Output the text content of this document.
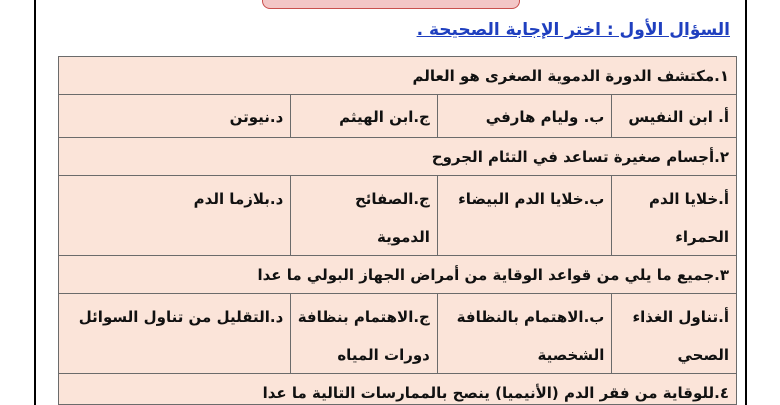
السؤال الأول : اختر الإجابة الصحيحة .
١.مكتشف الدورة الدموية الصغرى هو العالم
أ. ابن النفيس
ب. وليام هارفي
ج.ابن الهيثم
د.نيوتن
٢.أجسام صغيرة تساعد في التئام الجروح
أ.خلايا الدم الحمراء
ب.خلايا الدم البيضاء
ج.الصفائح الدموية
د.بلازما الدم
٣.جميع ما يلي من قواعد الوقاية من أمراض الجهاز البولي ما عدا
أ.تناول الغذاء الصحي
ب.الاهتمام بالنظافة الشخصية
ج.الاهتمام بنظافة دورات المياه
د.التقليل من تناول السوائل
٤.للوقاية من فقر الدم (الأنيميا) ينصح بالممارسات التالية ما عدا
